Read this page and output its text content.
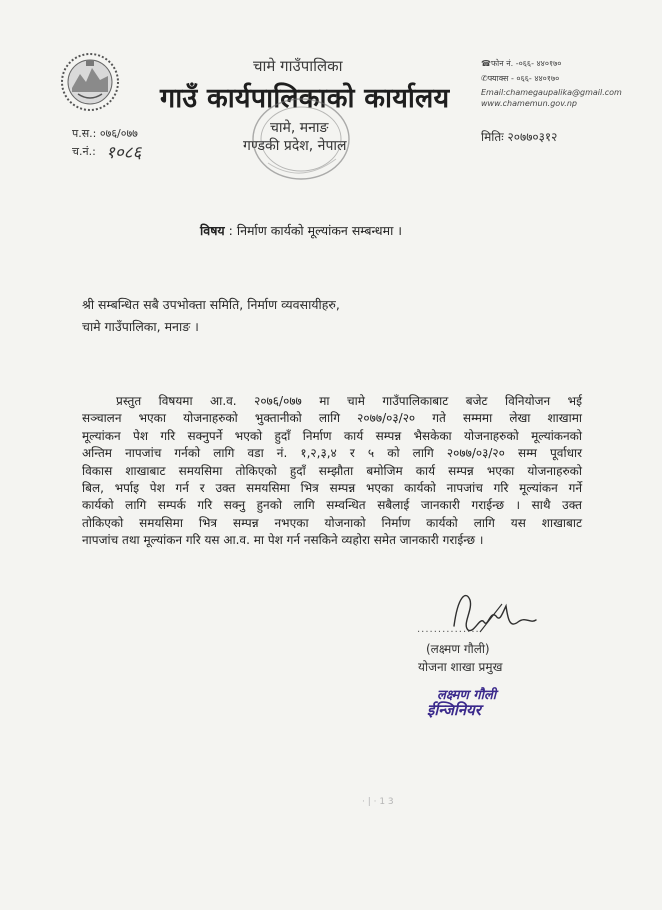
चामे गाउँपालिका
गाउँ कार्यपालिकाको कार्यालय
चामे, मनाङ
गण्डकी प्रदेश, नेपाल
प.स.: ०७६/०७७
च.नं.: १०८६
☎फोन नं. -०६६- ४४०१७०
✆फ्याक्स - ०६६- ४४०१७०
Email:chamegaupalika@gmail.com
www.chamemun.gov.np
मितिः २०७७०३१२
विषय : निर्माण कार्यको मूल्यांकन सम्बन्धमा ।
श्री सम्बन्धित सबै उपभोक्ता समिति, निर्माण व्यवसायीहरु,
चामे गाउँपालिका, मनाङ ।
प्रस्तुत विषयमा आ.व. २०७६/०७७ मा चामे गाउँपालिकाबाट बजेट विनियोजन भई
सञ्चालन भएका योजनाहरुको भुक्तानीको लागि २०७७/०३/२० गते सम्ममा लेखा शाखामा
मूल्यांकन पेश गरि सक्नुपर्ने भएको हुदाँ निर्माण कार्य सम्पन्न भैसकेका योजनाहरुको मूल्यांकनको
अन्तिम नापजांच गर्नको लागि वडा नं. १,२,३,४ र ५ को लागि २०७७/०३/२० सम्म पूर्वाधार
विकास शाखाबाट समयसिमा तोकिएको हुदाँ सम्झौता बमोजिम कार्य सम्पन्न भएका योजनाहरुको
बिल, भर्पाइ पेश गर्न र उक्त समयसिमा भित्र सम्पन्न भएका कार्यको नापजांच गरि मूल्यांकन गर्ने
कार्यको लागि सम्पर्क गरि सक्नु हुनको लागि सम्वन्धित सबैलाई जानकारी गराईन्छ । साथै उक्त
तोकिएको समयसिमा भित्र सम्पन्न नभएका योजनाको निर्माण कार्यको लागि यस शाखाबाट
नापजांच तथा मूल्यांकन गरि यस आ.व. मा पेश गर्न नसकिने व्यहोरा समेत जानकारी गराईन्छ ।
...............
(लक्ष्मण गौली)
योजना शाखा प्रमुख
लक्ष्मण गौली
ईन्जिनियर
· | · 1 3
